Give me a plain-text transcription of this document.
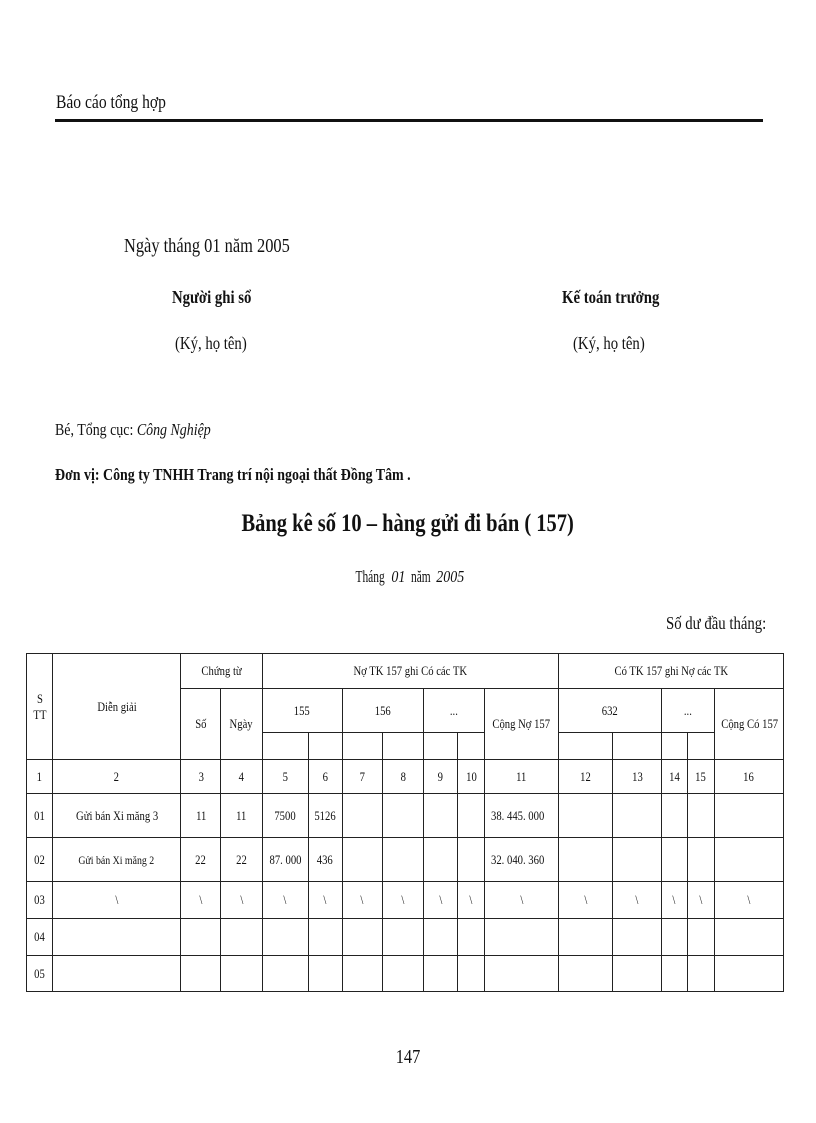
Báo cáo tổng hợp
Ngày tháng 01 năm 2005
Người ghi sổ
(Ký, họ tên)
Kế toán trưởng
(Ký, họ tên)
Bé, Tổng cục: Công Nghiệp
Đơn vị: Công ty TNHH Trang trí nội ngoại thất Đồng Tâm .
Bảng kê số 10 – hàng gửi đi bán ( 157)
Tháng 01 năm 2005
Số dư đầu tháng:
S
TT	Diễn giải	Chứng từ		Nợ TK 157 ghi Có các TK							Có TK 157 ghi Nợ các TK				
		Số	Ngày	155		156		...		Cộng Nợ 157	632		...		Cộng Có 157

1	2	3	4	5	6	7	8	9	10	11	12	13	14	15	16
01	Gửi bán Xi măng 3	11	11	7500	5126					38. 445. 000					
02	Gửi bán Xi măng 2	22	22	87. 000	436					32. 040. 360					
03	\	\	\	\	\	\	\	\	\	\	\	\	\	\	\
04															
05															
147
